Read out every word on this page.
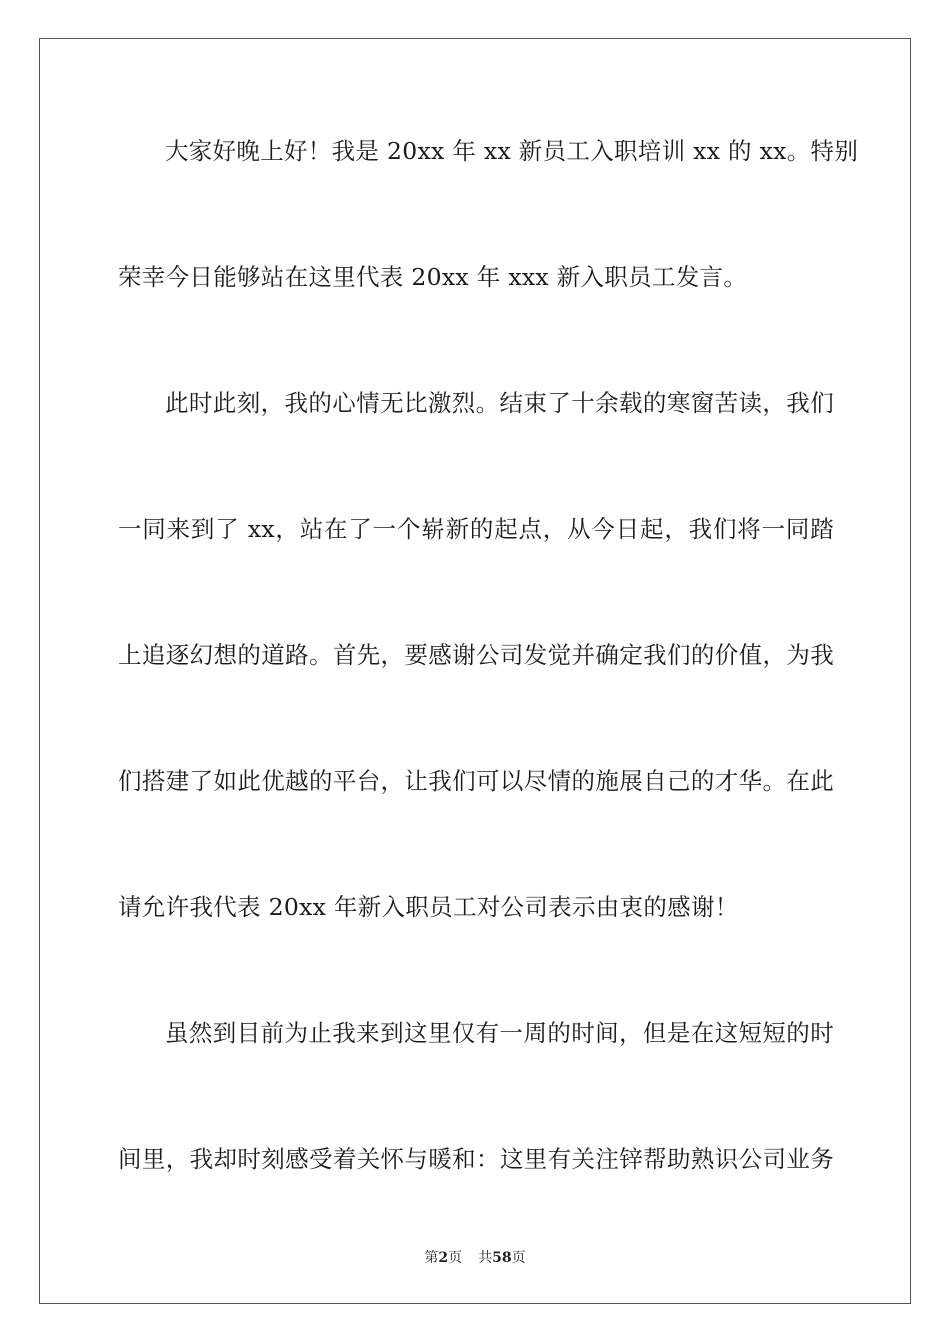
大家好晚上好！我是 20xx 年 xx 新员工入职培训 xx 的 xx。特别
荣幸今日能够站在这里代表 20xx 年 xxx 新入职员工发言。
此时此刻，我的心情无比激烈。结束了十余载的寒窗苦读，我们
一同来到了 xx，站在了一个崭新的起点，从今日起，我们将一同踏
上追逐幻想的道路。首先，要感谢公司发觉并确定我们的价值，为我
们搭建了如此优越的平台，让我们可以尽情的施展自己的才华。在此
请允许我代表 20xx 年新入职员工对公司表示由衷的感谢！
虽然到目前为止我来到这里仅有一周的时间，但是在这短短的时
间里，我却时刻感受着关怀与暖和：这里有关注锌帮助熟识公司业务
第2页 共58页
